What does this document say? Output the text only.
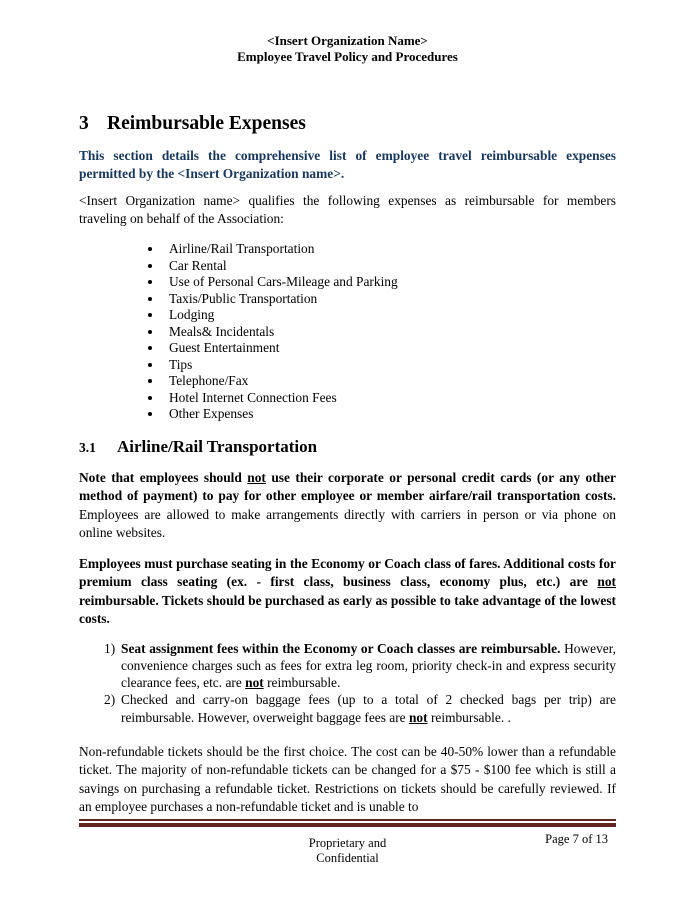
<Insert Organization Name>
Employee Travel Policy and Procedures
3 Reimbursable Expenses
This section details the comprehensive list of employee travel reimbursable expenses permitted by the <Insert Organization name>.
<Insert Organization name> qualifies the following expenses as reimbursable for members traveling on behalf of the Association:
• Airline/Rail Transportation
• Car Rental
• Use of Personal Cars-Mileage and Parking
• Taxis/Public Transportation
• Lodging
• Meals& Incidentals
• Guest Entertainment
• Tips
• Telephone/Fax
• Hotel Internet Connection Fees
• Other Expenses
3.1 Airline/Rail Transportation
Note that employees should not use their corporate or personal credit cards (or any other method of payment) to pay for other employee or member airfare/rail transportation costs. Employees are allowed to make arrangements directly with carriers in person or via phone on online websites.
Employees must purchase seating in the Economy or Coach class of fares. Additional costs for premium class seating (ex. - first class, business class, economy plus, etc.) are not reimbursable. Tickets should be purchased as early as possible to take advantage of the lowest costs.
1) Seat assignment fees within the Economy or Coach classes are reimbursable. However, convenience charges such as fees for extra leg room, priority check-in and express security clearance fees, etc. are not reimbursable.
2) Checked and carry-on baggage fees (up to a total of 2 checked bags per trip) are reimbursable. However, overweight baggage fees are not reimbursable. .
Non-refundable tickets should be the first choice. The cost can be 40-50% lower than a refundable ticket. The majority of non-refundable tickets can be changed for a $75 - $100 fee which is still a savings on purchasing a refundable ticket. Restrictions on tickets should be carefully reviewed. If an employee purchases a non-refundable ticket and is unable to
Proprietary and Confidential
Page 7 of 13
